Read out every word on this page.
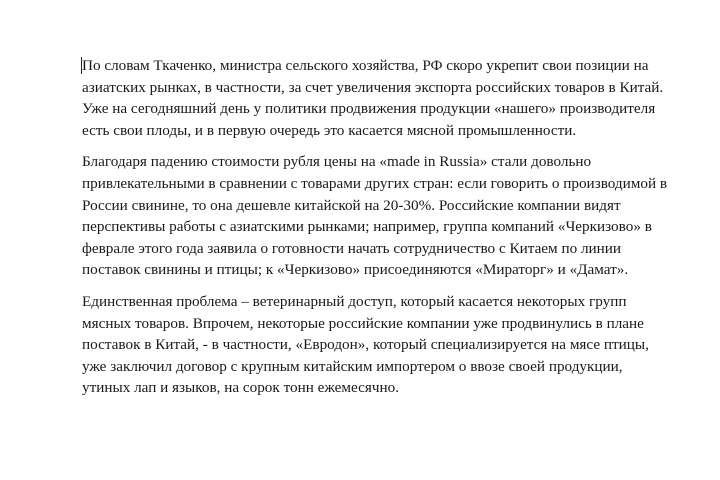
По словам Ткаченко, министра сельского хозяйства, РФ скоро укрепит свои позиции на
азиатских рынках, в частности, за счет увеличения экспорта российских товаров в Китай.
Уже на сегодняшний день у политики продвижения продукции «нашего» производителя
есть свои плоды, и в первую очередь это касается мясной промышленности.

Благодаря падению стоимости рубля цены на «made in Russia» стали довольно
привлекательными в сравнении с товарами других стран: если говорить о производимой в
России свинине, то она дешевле китайской на 20-30%. Российские компании видят
перспективы работы с азиатскими рынками; например, группа компаний «Черкизово» в
феврале этого года заявила о готовности начать сотрудничество с Китаем по линии
поставок свинины и птицы; к «Черкизово» присоединяются «Мираторг» и «Дамат».

Единственная проблема – ветеринарный доступ, который касается некоторых групп
мясных товаров. Впрочем, некоторые российские компании уже продвинулись в плане
поставок в Китай, - в частности, «Евродон», который специализируется на мясе птицы,
уже заключил договор с крупным китайским импортером о ввозе своей продукции,
утиных лап и языков, на сорок тонн ежемесячно.
